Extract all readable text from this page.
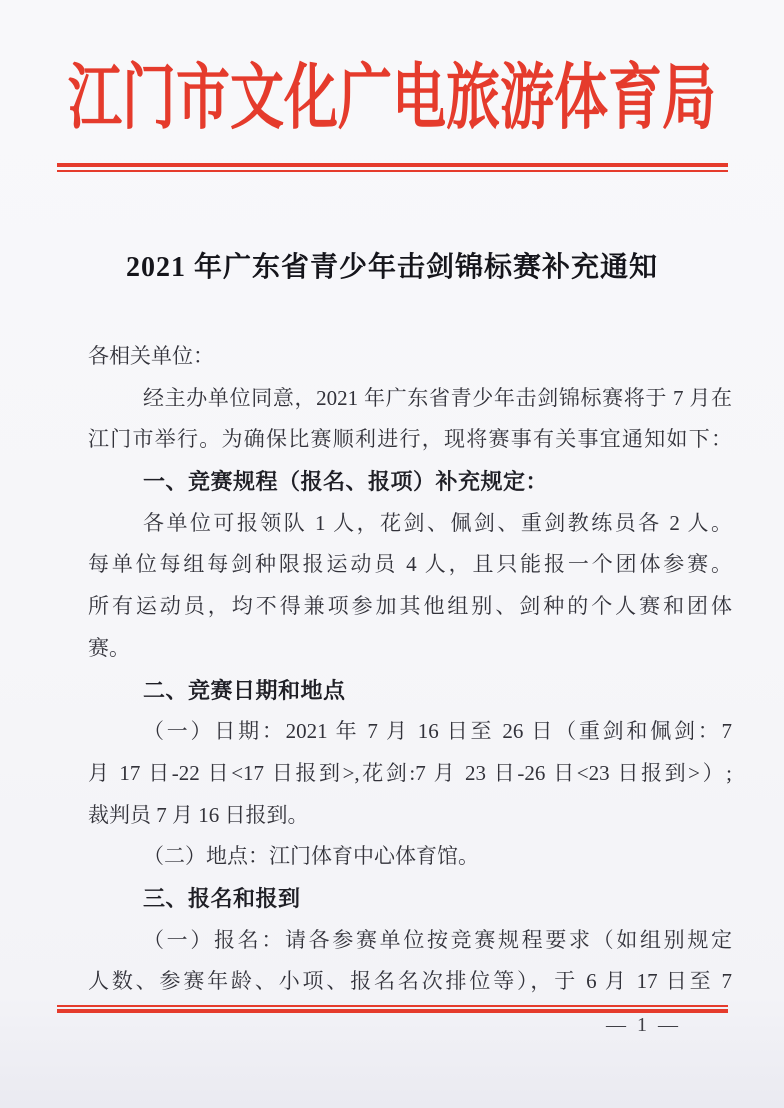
江门市文化广电旅游体育局
2021 年广东省青少年击剑锦标赛补充通知
各相关单位：
经主办单位同意，2021 年广东省青少年击剑锦标赛将于 7 月在
江门市举行。为确保比赛顺利进行，现将赛事有关事宜通知如下：
一、竞赛规程（报名、报项）补充规定：
各单位可报领队 1 人，花剑、佩剑、重剑教练员各 2 人。
每单位每组每剑种限报运动员 4 人，且只能报一个团体参赛。
所有运动员，均不得兼项参加其他组别、剑种的个人赛和团体
赛。
二、竞赛日期和地点
（一）日期：2021 年 7 月 16 日至 26 日（重剑和佩剑：7
月 17 日-22 日<17 日报到>,花剑:7 月 23 日-26 日<23 日报到>）;
裁判员 7 月 16 日报到。
（二）地点：江门体育中心体育馆。
三、报名和报到
（一）报名：请各参赛单位按竞赛规程要求（如组别规定
人数、参赛年龄、小项、报名名次排位等），于 6 月 17 日至 7
— 1 —
